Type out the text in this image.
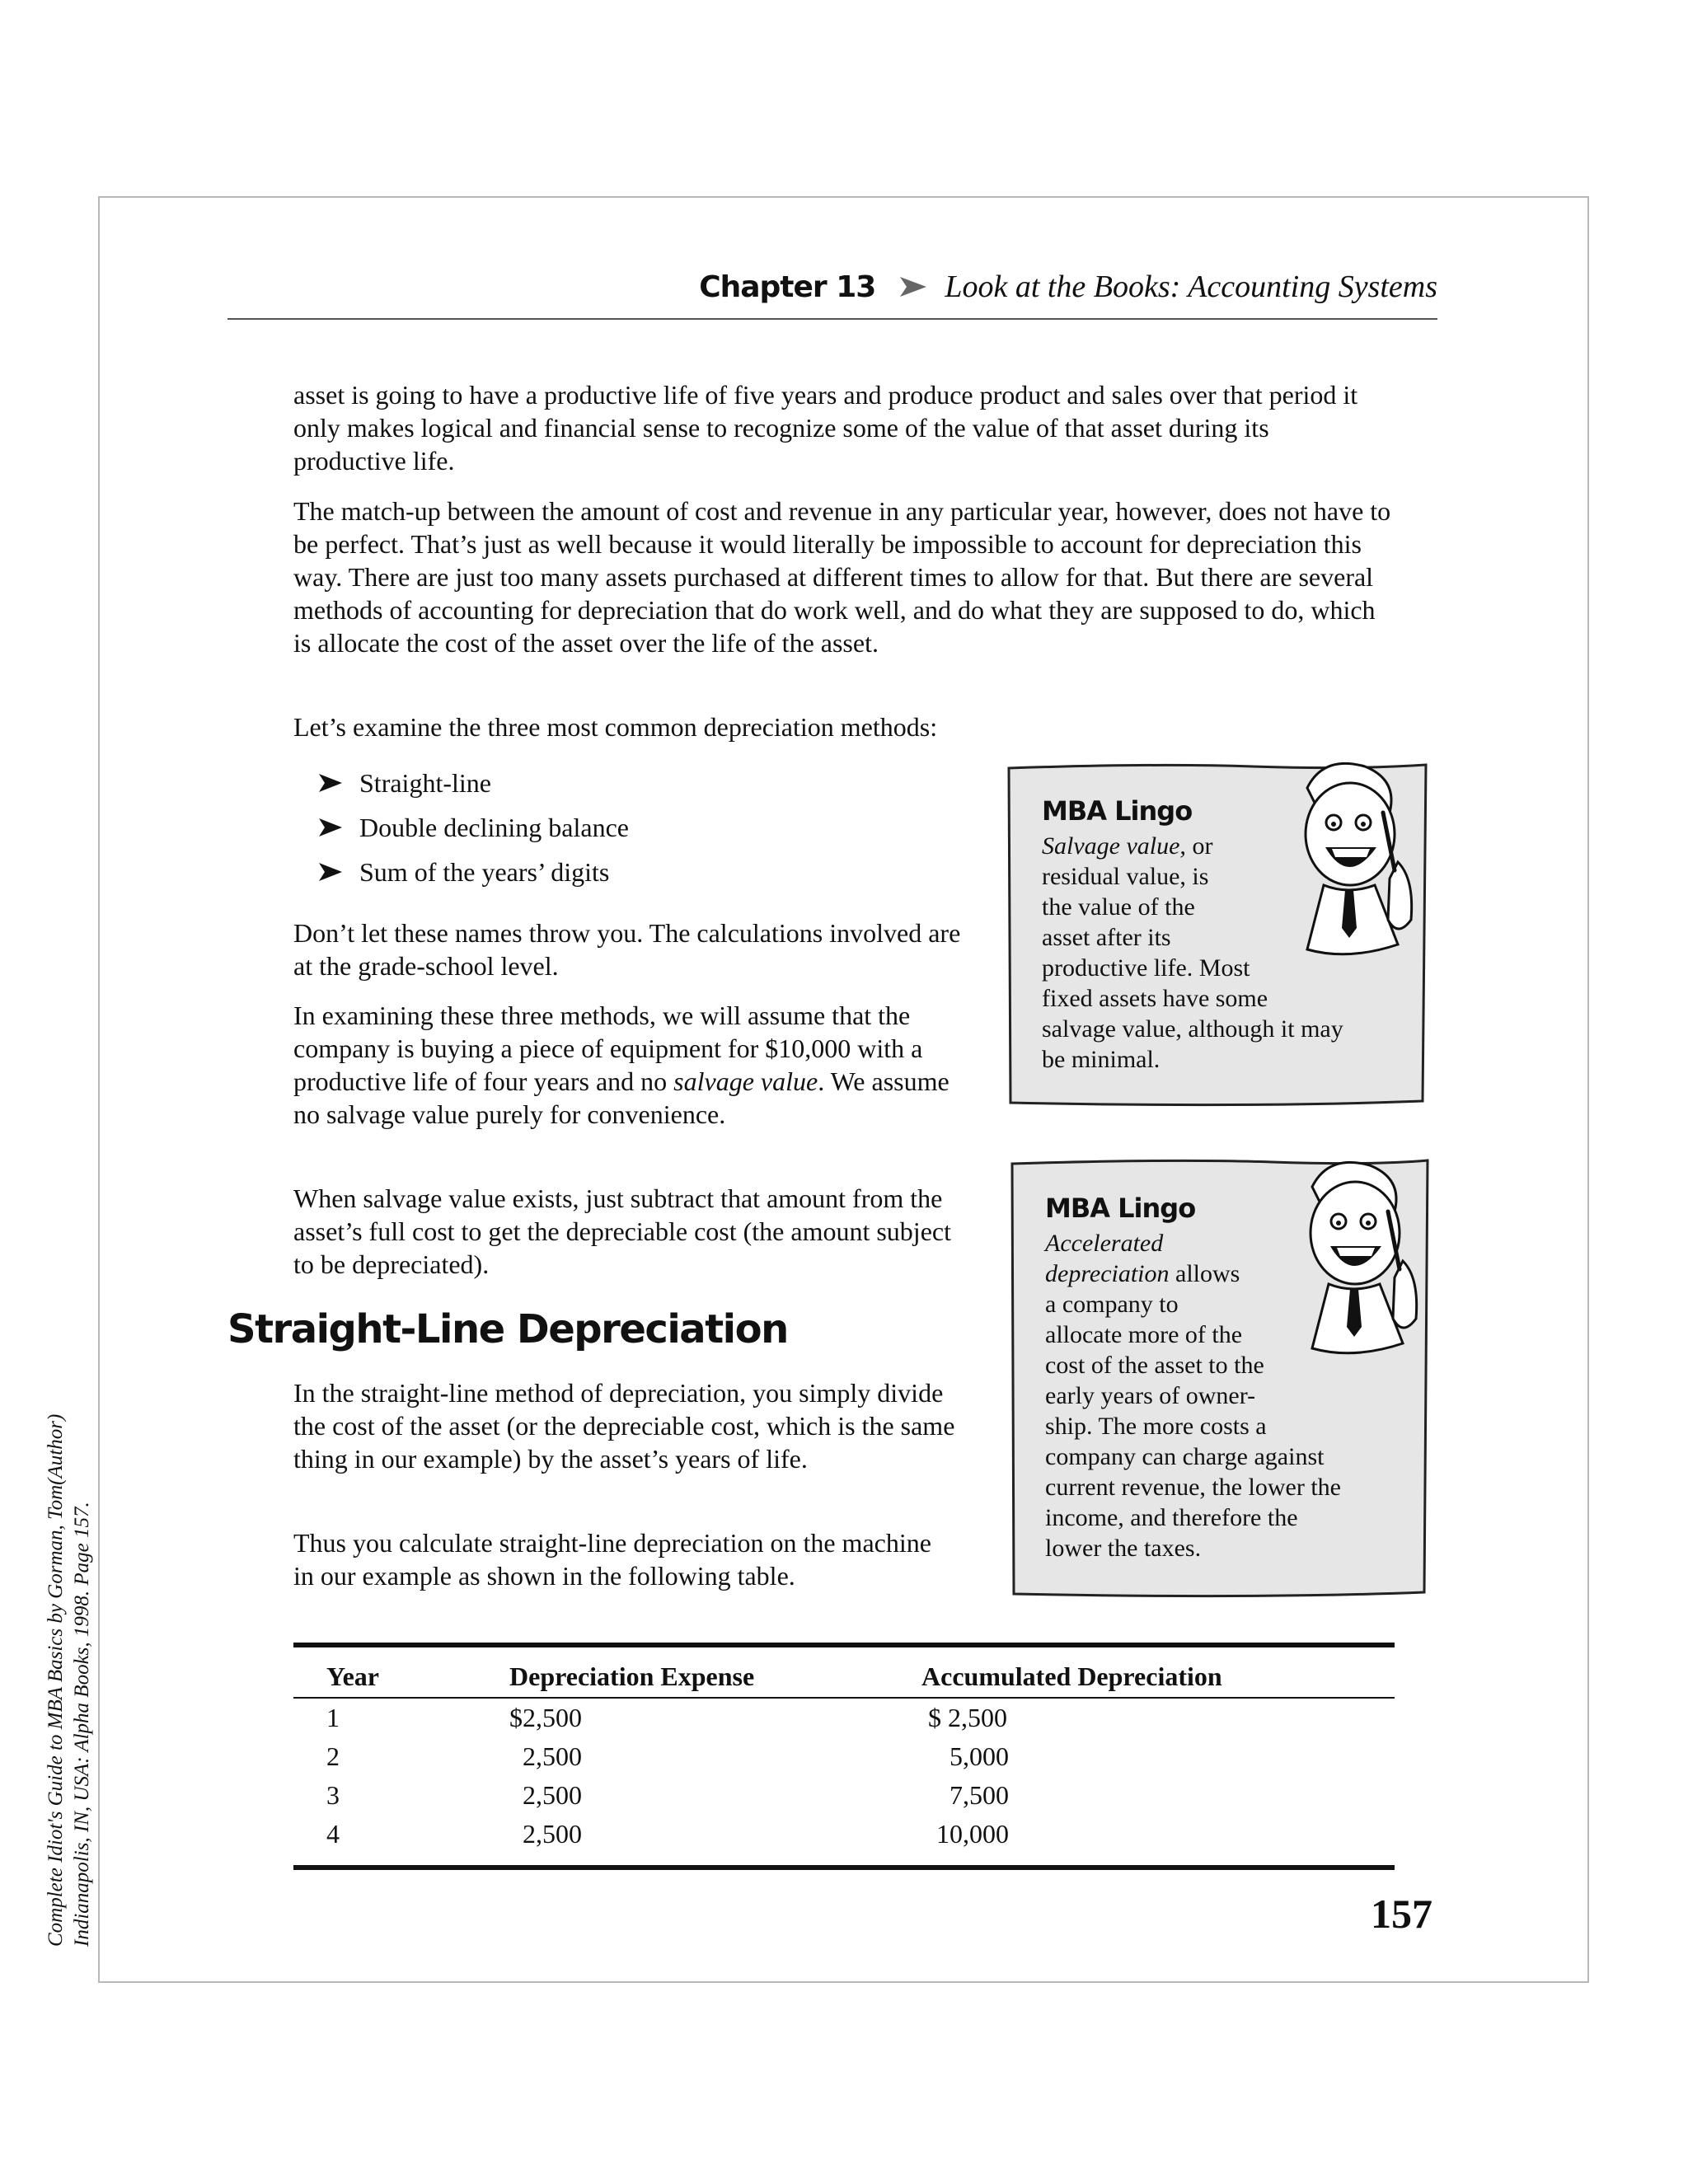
Complete Idiot's Guide to MBA Basics by Gorman, Tom(Author) Indianapolis, IN, USA: Alpha Books, 1998. Page 157.
Chapter 13 Look at the Books: Accounting Systems

asset is going to have a productive life of five years and produce product and sales over that period it only makes logical and financial sense to recognize some of the value of that asset during its productive life.

The match-up between the amount of cost and revenue in any particular year, however, does not have to be perfect. That’s just as well because it would literally be impossible to account for depreciation this way. There are just too many assets purchased at different times to allow for that. But there are several methods of accounting for depreciation that do work well, and do what they are supposed to do, which is allocate the cost of the asset over the life of the asset.

Let’s examine the three most common depreciation methods:

Straight-line
Double declining balance
Sum of the years’ digits

Don’t let these names throw you. The calculations involved are at the grade-school level.

In examining these three methods, we will assume that the company is buying a piece of equipment for $10,000 with a productive life of four years and no salvage value. We assume no salvage value purely for convenience.

When salvage value exists, just subtract that amount from the asset’s full cost to get the depreciable cost (the amount subject to be depreciated).

Straight-Line Depreciation

In the straight-line method of depreciation, you simply divide the cost of the asset (or the depreciable cost, which is the same thing in our example) by the asset’s years of life.

Thus you calculate straight-line depreciation on the machine in our example as shown in the following table.

MBA Lingo
Salvage value, or
residual value, is
the value of the
asset after its
productive life. Most
fixed assets have some
salvage value, although it may
be minimal.
MBA Lingo
Accelerated
depreciation allows
a company to
allocate more of the
cost of the asset to the
early years of owner-
ship. The more costs a
company can charge against
current revenue, the lower the
income, and therefore the
lower the taxes.

Year	Depreciation Expense	Accumulated Depreciation
1	$2,500	$ 2,500
2	2,500	5,000
3	2,500	7,500
4	2,500	10,000

157
